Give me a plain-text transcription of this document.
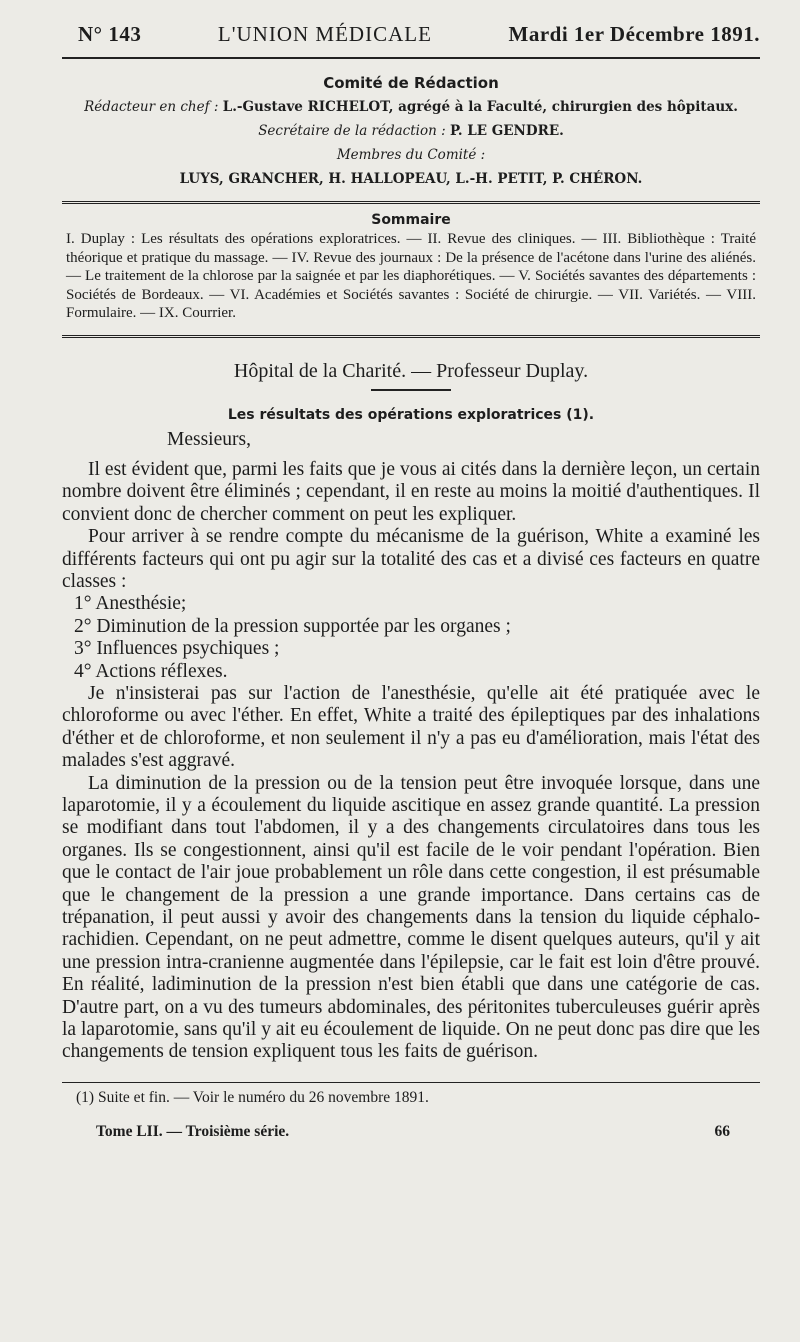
N° 143	L'UNION MÉDICALE	Mardi 1er Décembre 1891.
Comité de Rédaction
Rédacteur en chef : L.-Gustave RICHELOT, agrégé à la Faculté, chirurgien des hôpitaux.
Secrétaire de la rédaction : P. LE GENDRE.
Membres du Comité :
LUYS, GRANCHER, H. HALLOPEAU, L.-H. PETIT, P. CHÉRON.
Sommaire
I. Duplay : Les résultats des opérations exploratrices. — II. Revue des cliniques. — III. Bibliothèque : Traité théorique et pratique du massage. — IV. Revue des journaux : De la présence de l'acétone dans l'urine des aliénés. — Le traitement de la chlorose par la saignée et par les diaphorétiques. — V. Sociétés savantes des départements : Sociétés de Bordeaux. — VI. Académies et Sociétés savantes : Société de chirurgie. — VII. Variétés. — VIII. Formulaire. — IX. Courrier.
Hôpital de la Charité. — Professeur Duplay.
Les résultats des opérations exploratrices (1).

Messieurs,

Il est évident que, parmi les faits que je vous ai cités dans la dernière leçon, un certain nombre doivent être éliminés ; cependant, il en reste au moins la moitié d'authentiques. Il convient donc de chercher comment on peut les expliquer.

Pour arriver à se rendre compte du mécanisme de la guérison, White a examiné les différents facteurs qui ont pu agir sur la totalité des cas et a divisé ces facteurs en quatre classes :

1° Anesthésie;

2° Diminution de la pression supportée par les organes ;

3° Influences psychiques ;

4° Actions réflexes.

Je n'insisterai pas sur l'action de l'anesthésie, qu'elle ait été pratiquée avec le chloroforme ou avec l'éther. En effet, White a traité des épileptiques par des inhalations d'éther et de chloroforme, et non seulement il n'y a pas eu d'amélioration, mais l'état des malades s'est aggravé.

La diminution de la pression ou de la tension peut être invoquée lorsque, dans une laparotomie, il y a écoulement du liquide ascitique en assez grande quantité. La pression se modifiant dans tout l'abdomen, il y a des changements circulatoires dans tous les organes. Ils se congestionnent, ainsi qu'il est facile de le voir pendant l'opération. Bien que le contact de l'air joue probablement un rôle dans cette congestion, il est présumable que le changement de la pression a une grande importance. Dans certains cas de trépanation, il peut aussi y avoir des changements dans la tension du liquide céphalo-rachidien. Cependant, on ne peut admettre, comme le disent quelques auteurs, qu'il y ait une pression intra-cranienne augmentée dans l'épilepsie, car le fait est loin d'être prouvé. En réalité, ladiminution de la pression n'est bien établi que dans une catégorie de cas. D'autre part, on a vu des tumeurs abdominales, des péritonites tuberculeuses guérir après la laparotomie, sans qu'il y ait eu écoulement de liquide. On ne peut donc pas dire que les changements de tension expliquent tous les faits de guérison.

(1) Suite et fin. — Voir le numéro du 26 novembre 1891.
Tome LII. — Troisième série.	66
